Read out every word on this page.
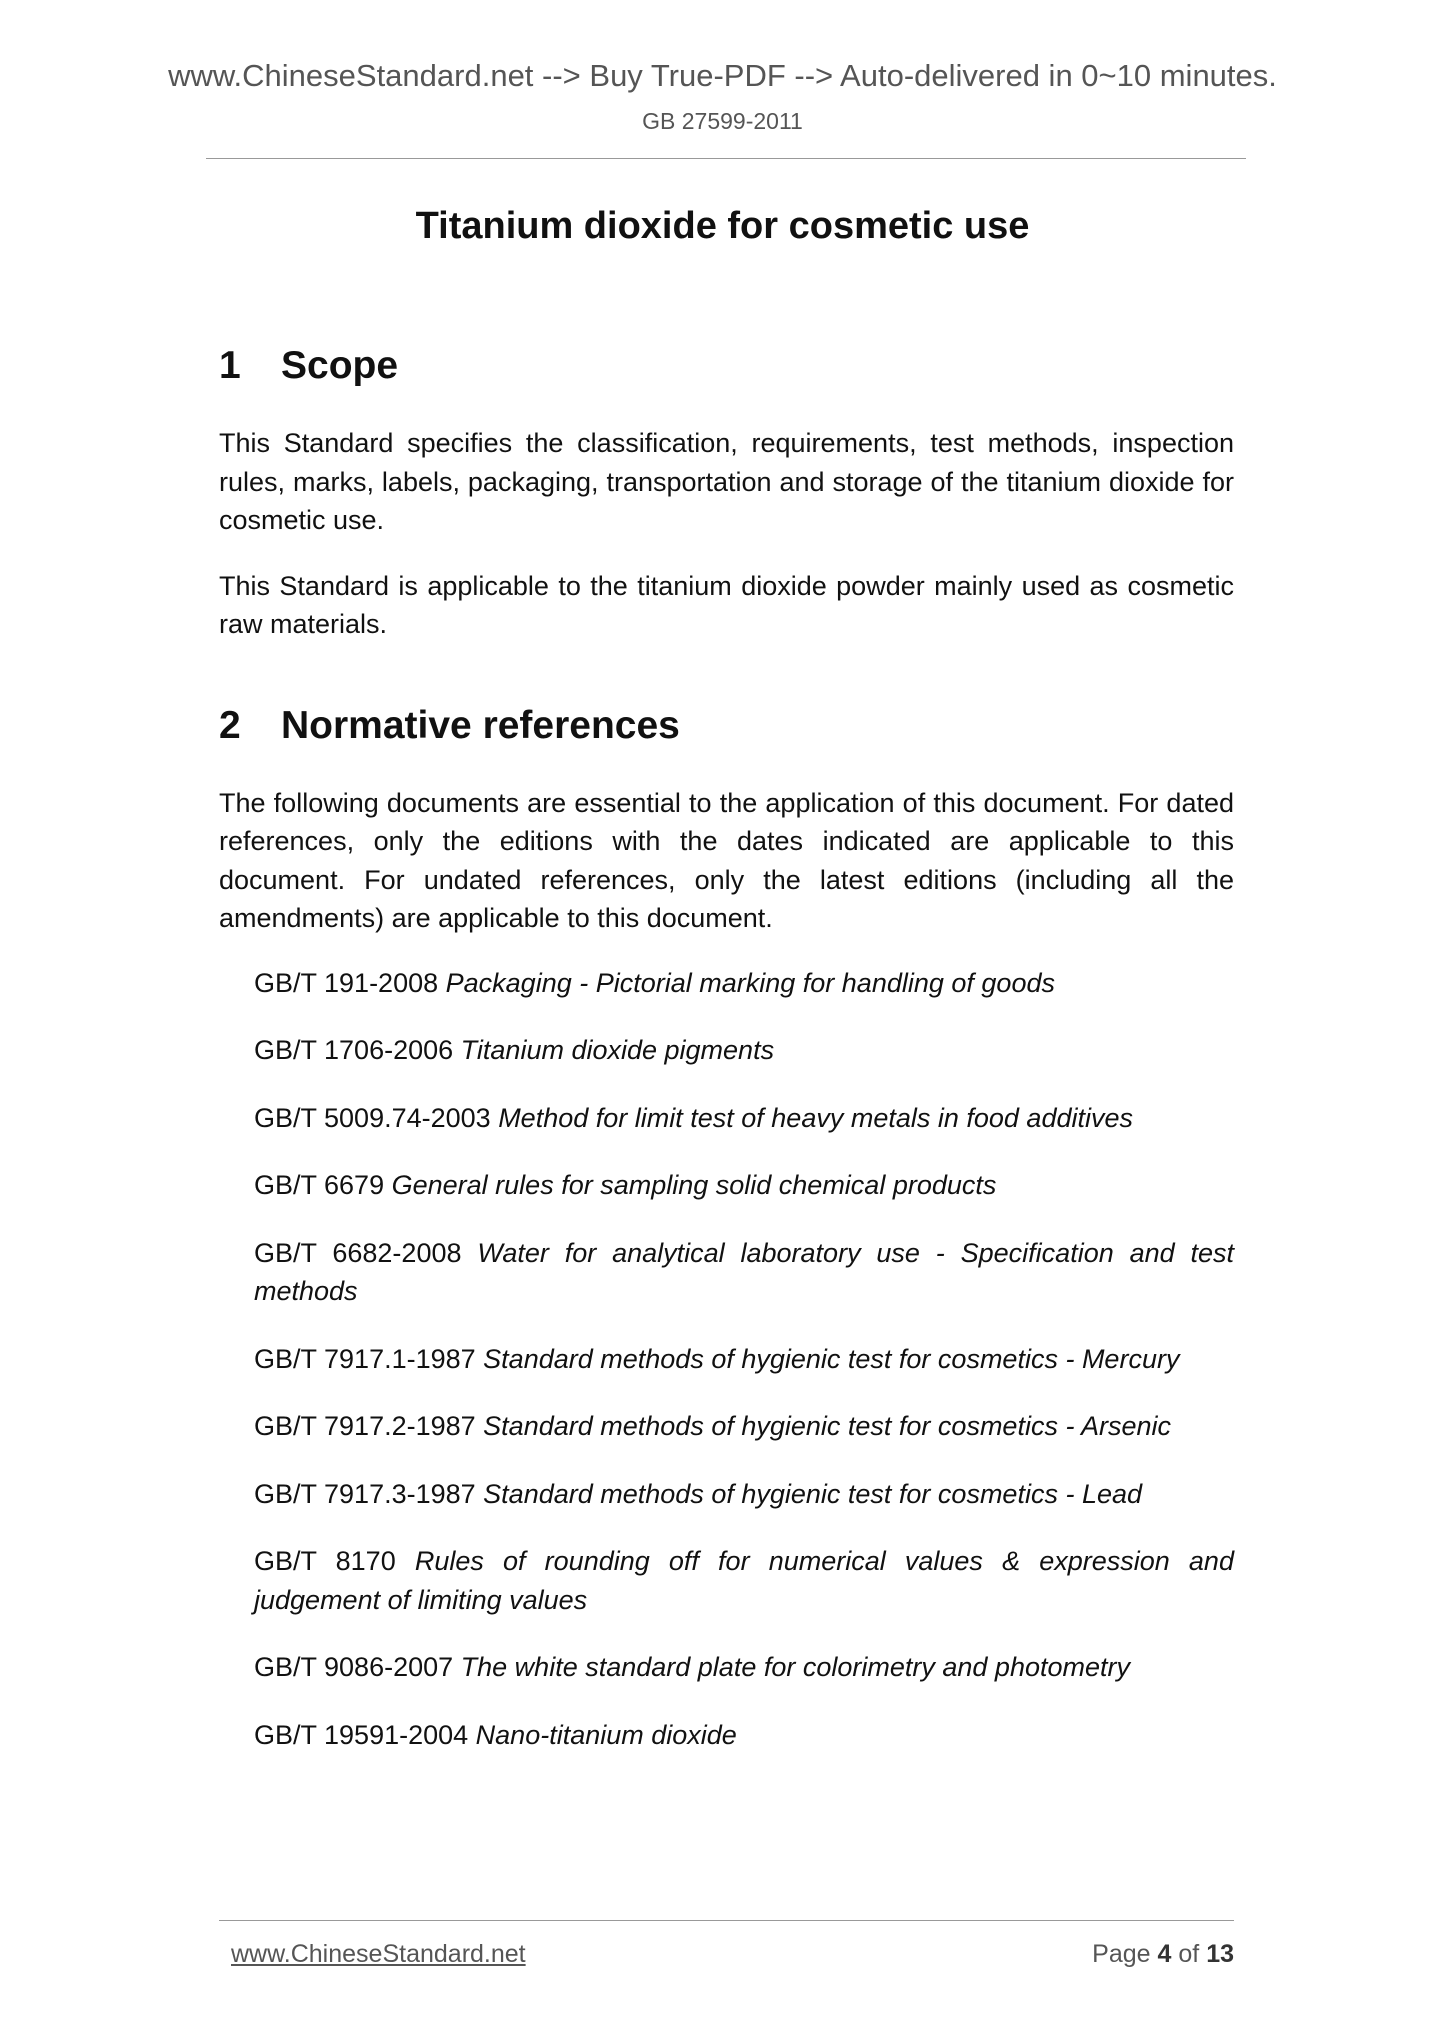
www.ChineseStandard.net --> Buy True-PDF --> Auto-delivered in 0~10 minutes.
GB 27599-2011
Titanium dioxide for cosmetic use
1 Scope

This Standard specifies the classification, requirements, test methods, inspection rules, marks, labels, packaging, transportation and storage of the titanium dioxide for cosmetic use.

This Standard is applicable to the titanium dioxide powder mainly used as cosmetic raw materials.

2 Normative references

The following documents are essential to the application of this document. For dated references, only the editions with the dates indicated are applicable to this document. For undated references, only the latest editions (including all the amendments) are applicable to this document.

GB/T 191-2008 Packaging - Pictorial marking for handling of goods
GB/T 1706-2006 Titanium dioxide pigments
GB/T 5009.74-2003 Method for limit test of heavy metals in food additives
GB/T 6679 General rules for sampling solid chemical products
GB/T 6682-2008 Water for analytical laboratory use - Specification and test methods
GB/T 7917.1-1987 Standard methods of hygienic test for cosmetics - Mercury
GB/T 7917.2-1987 Standard methods of hygienic test for cosmetics - Arsenic
GB/T 7917.3-1987 Standard methods of hygienic test for cosmetics - Lead
GB/T 8170 Rules of rounding off for numerical values & expression and judgement of limiting values
GB/T 9086-2007 The white standard plate for colorimetry and photometry
GB/T 19591-2004 Nano-titanium dioxide
www.ChineseStandard.net	Page 4 of 13
